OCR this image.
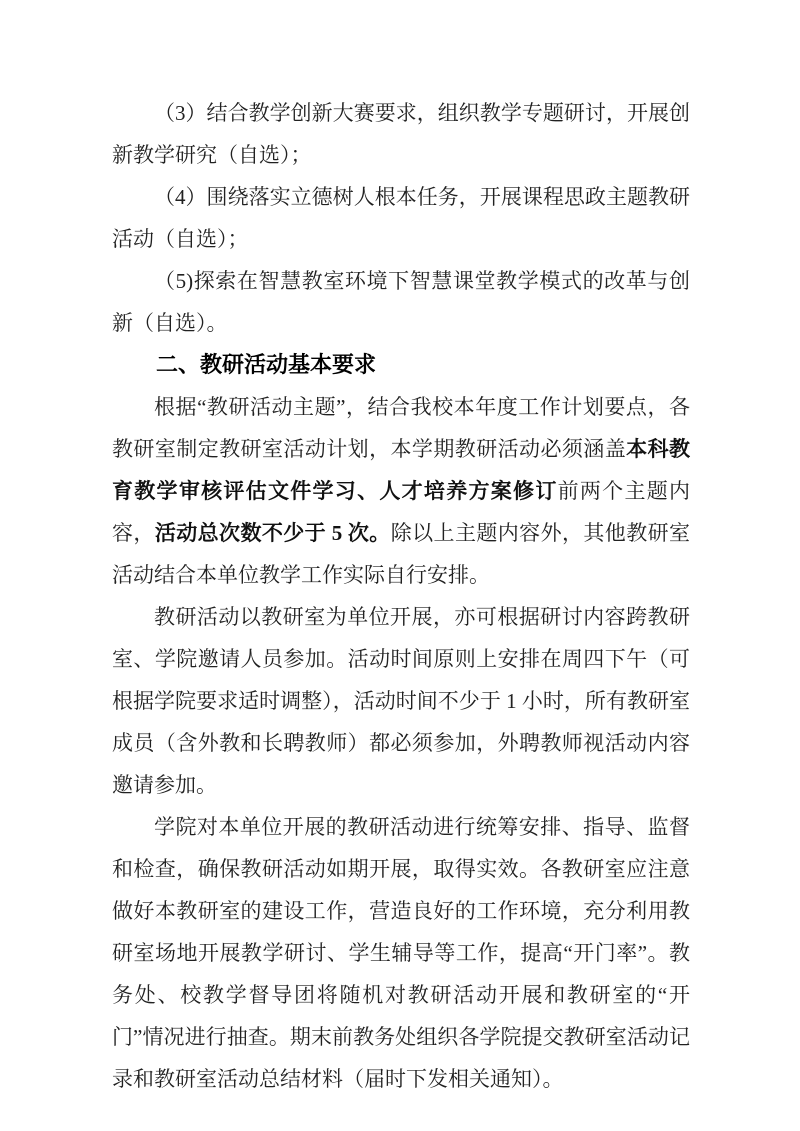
（3）结合教学创新大赛要求，组织教学专题研讨，开展创新教学研究（自选）；

（4）围绕落实立德树人根本任务，开展课程思政主题教研活动（自选）；

（5)探索在智慧教室环境下智慧课堂教学模式的改革与创新（自选）。

二、教研活动基本要求

根据“教研活动主题”，结合我校本年度工作计划要点，各教研室制定教研室活动计划，本学期教研活动必须涵盖本科教育教学审核评估文件学习、人才培养方案修订前两个主题内容，活动总次数不少于 5 次。除以上主题内容外，其他教研室活动结合本单位教学工作实际自行安排。

教研活动以教研室为单位开展，亦可根据研讨内容跨教研室、学院邀请人员参加。活动时间原则上安排在周四下午（可根据学院要求适时调整），活动时间不少于 1 小时，所有教研室成员（含外教和长聘教师）都必须参加，外聘教师视活动内容邀请参加。

学院对本单位开展的教研活动进行统筹安排、指导、监督和检查，确保教研活动如期开展，取得实效。各教研室应注意做好本教研室的建设工作，营造良好的工作环境，充分利用教研室场地开展教学研讨、学生辅导等工作，提高“开门率”。教务处、校教学督导团将随机对教研活动开展和教研室的“开门”情况进行抽查。期末前教务处组织各学院提交教研室活动记录和教研室活动总结材料（届时下发相关通知）。
